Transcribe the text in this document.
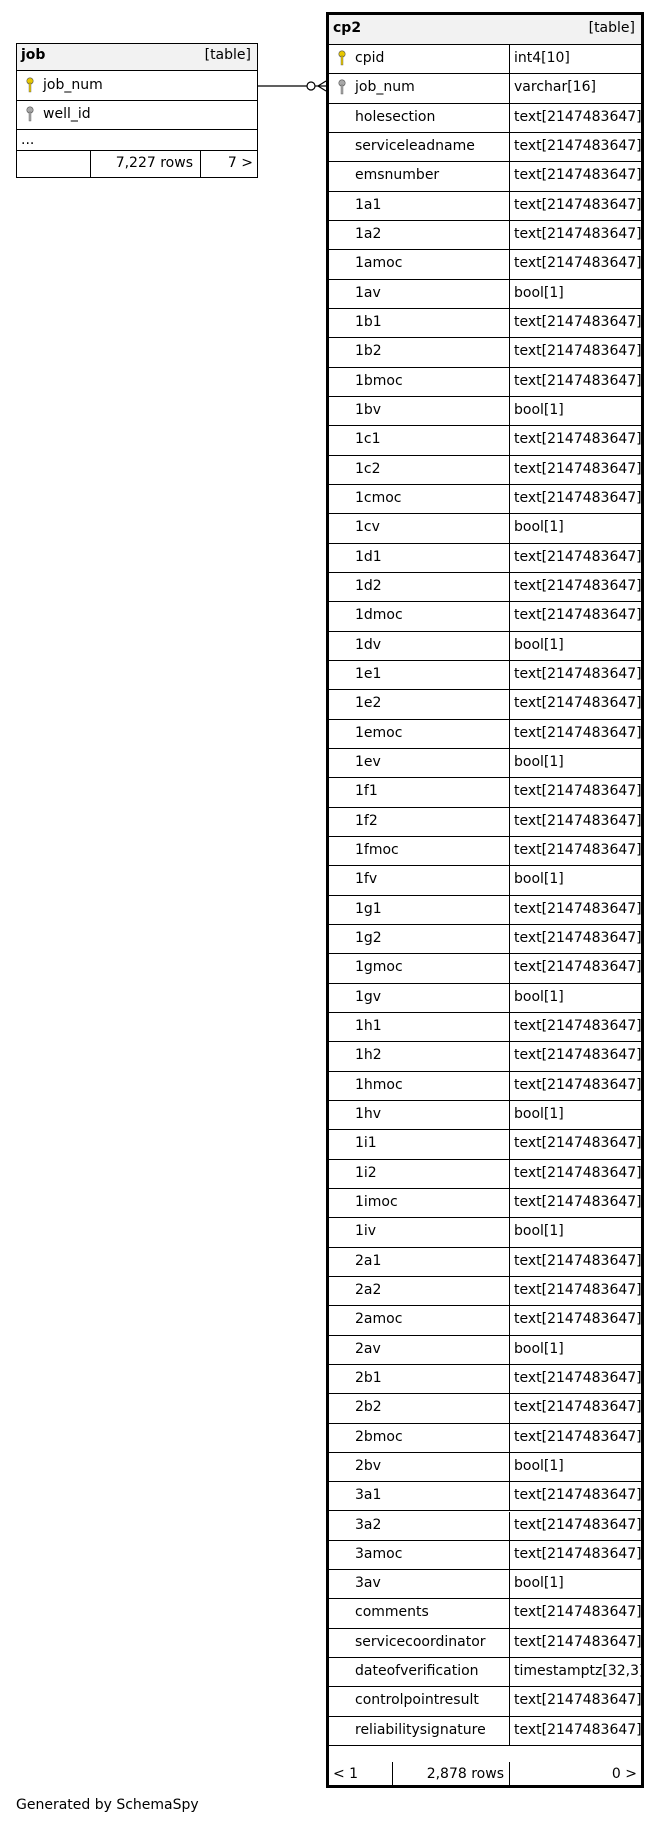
job	[table]
job_num
well_id
...
7,227 rows 7 >
cp2	[table]
cpid	int4[10]
job_num	varchar[16]
holesection	text[2147483647]
serviceleadname	text[2147483647]
emsnumber	text[2147483647]
1a1	text[2147483647]
1a2	text[2147483647]
1amoc	text[2147483647]
1av	bool[1]
1b1	text[2147483647]
1b2	text[2147483647]
1bmoc	text[2147483647]
1bv	bool[1]
1c1	text[2147483647]
1c2	text[2147483647]
1cmoc	text[2147483647]
1cv	bool[1]
1d1	text[2147483647]
1d2	text[2147483647]
1dmoc	text[2147483647]
1dv	bool[1]
1e1	text[2147483647]
1e2	text[2147483647]
1emoc	text[2147483647]
1ev	bool[1]
1f1	text[2147483647]
1f2	text[2147483647]
1fmoc	text[2147483647]
1fv	bool[1]
1g1	text[2147483647]
1g2	text[2147483647]
1gmoc	text[2147483647]
1gv	bool[1]
1h1	text[2147483647]
1h2	text[2147483647]
1hmoc	text[2147483647]
1hv	bool[1]
1i1	text[2147483647]
1i2	text[2147483647]
1imoc	text[2147483647]
1iv	bool[1]
2a1	text[2147483647]
2a2	text[2147483647]
2amoc	text[2147483647]
2av	bool[1]
2b1	text[2147483647]
2b2	text[2147483647]
2bmoc	text[2147483647]
2bv	bool[1]
3a1	text[2147483647]
3a2	text[2147483647]
3amoc	text[2147483647]
3av	bool[1]
comments	text[2147483647]
servicecoordinator text[2147483647]
dateofverification	timestamptz[32,3]
controlpointresult	text[2147483647]
reliabilitysignature text[2147483647]
< 1	2,878 rows	0 >
Generated by SchemaSpy
